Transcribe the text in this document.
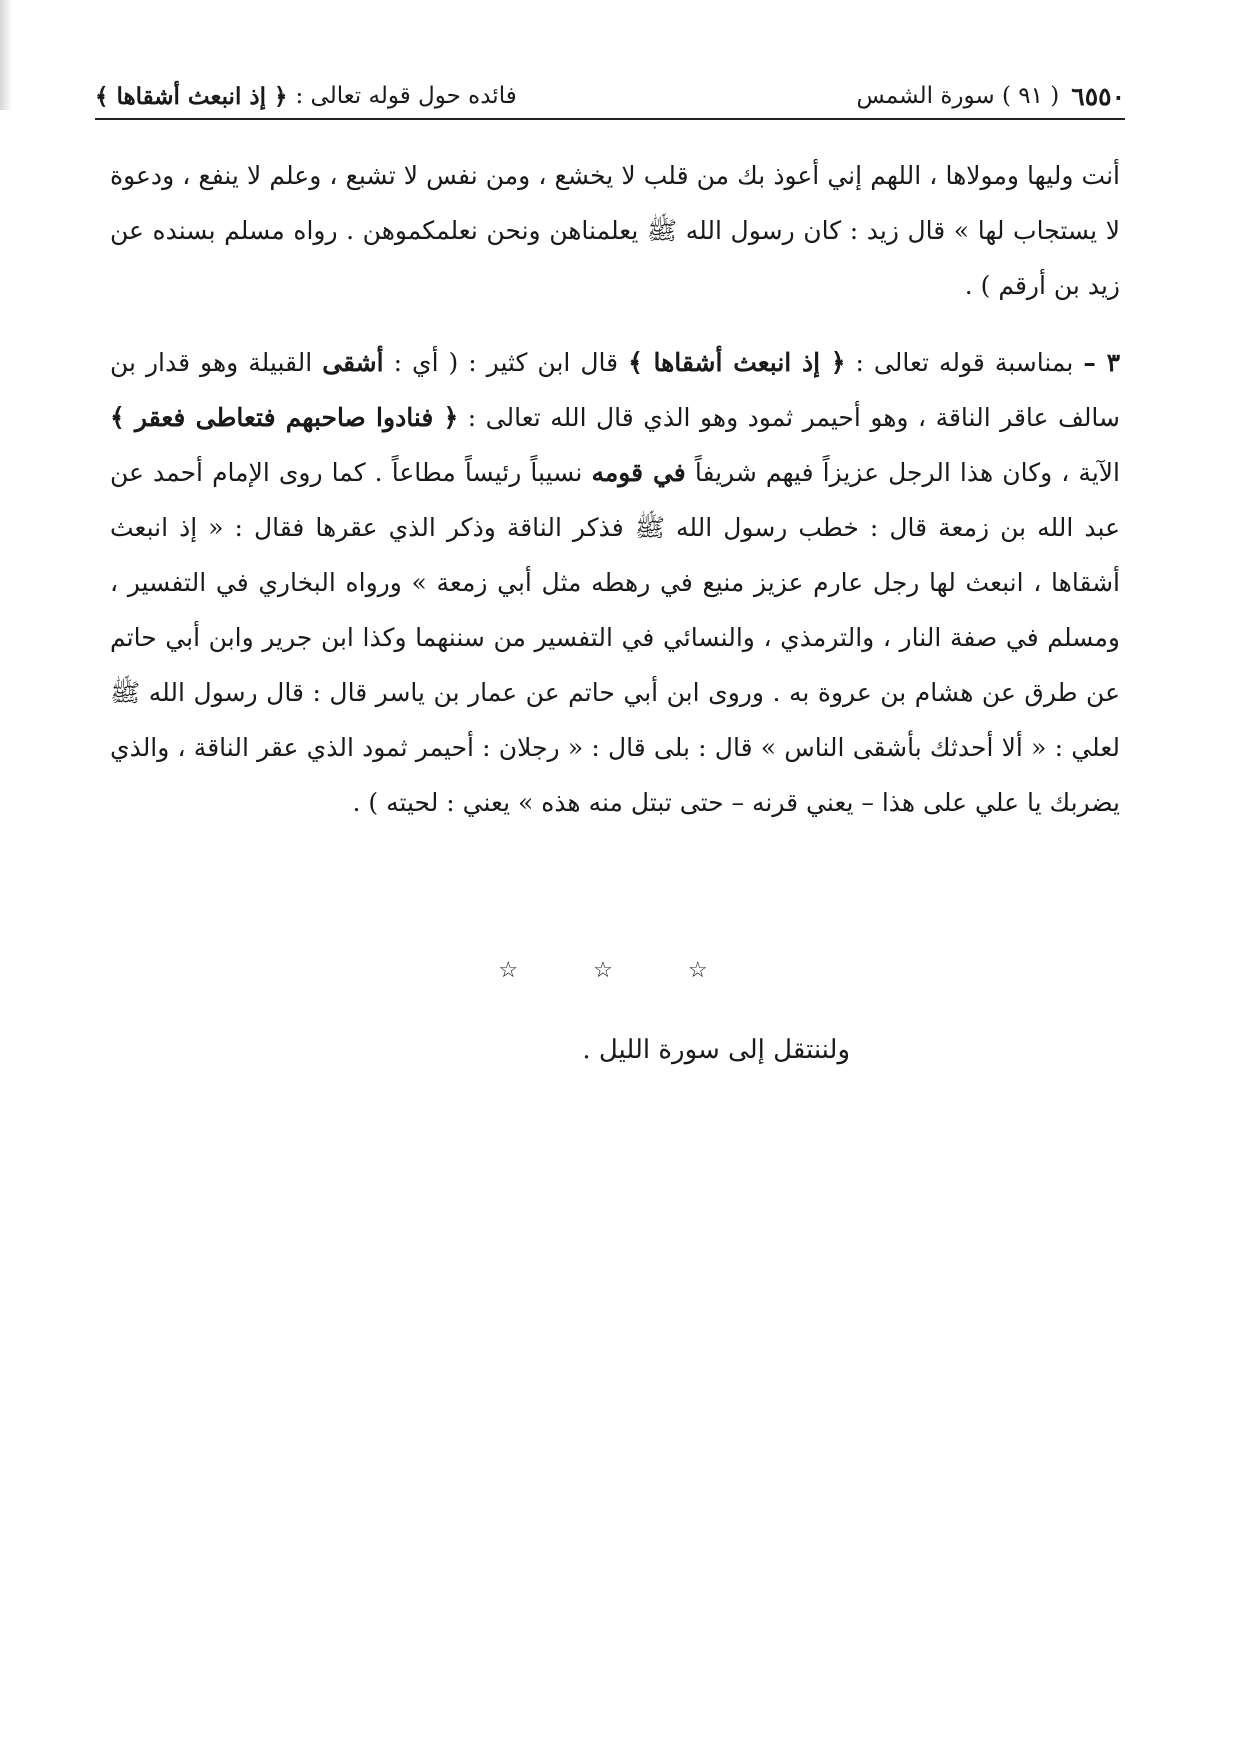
٦٥٥٠
( ٩١ ) سورة الشمس
فائده حول قوله تعالى :
﴿ إذ انبعث أشقاها ﴾

أنت وليها ومولاها ، اللهم إني أعوذ بك من قلب لا يخشع ، ومن نفس لا تشبع ، وعلم لا ينفع ، ودعوة لا يستجاب لها » قال زيد : كان رسول الله ﷺ يعلمناهن ونحن نعلمكموهن . رواه مسلم بسنده عن زيد بن أرقم ) .

٣ – بمناسبة قوله تعالى : ﴿ إذ انبعث أشقاها ﴾ قال ابن كثير : ( أي : أشقى القبيلة وهو قدار بن سالف عاقر الناقة ، وهو أحيمر ثمود وهو الذي قال الله تعالى : ﴿ فنادوا صاحبهم فتعاطى فعقر ﴾ الآية ، وكان هذا الرجل عزيزاً فيهم شريفاً في قومه نسيباً رئيساً مطاعاً . كما روى الإمام أحمد عن عبد الله بن زمعة قال : خطب رسول الله ﷺ فذكر الناقة وذكر الذي عقرها فقال : « إذ انبعث أشقاها ، انبعث لها رجل عارم عزيز منيع في رهطه مثل أبي زمعة » ورواه البخاري في التفسير ، ومسلم في صفة النار ، والترمذي ، والنسائي في التفسير من سننهما وكذا ابن جرير وابن أبي حاتم عن طرق عن هشام بن عروة به . وروى ابن أبي حاتم عن عمار بن ياسر قال : قال رسول الله ﷺ لعلي : « ألا أحدثك بأشقى الناس » قال : بلى قال : « رجلان : أحيمر ثمود الذي عقر الناقة ، والذي يضربك يا علي على هذا – يعني قرنه – حتى تبتل منه هذه » يعني : لحيته ) .

☆ ☆ ☆
ولننتقل إلى سورة الليل .
